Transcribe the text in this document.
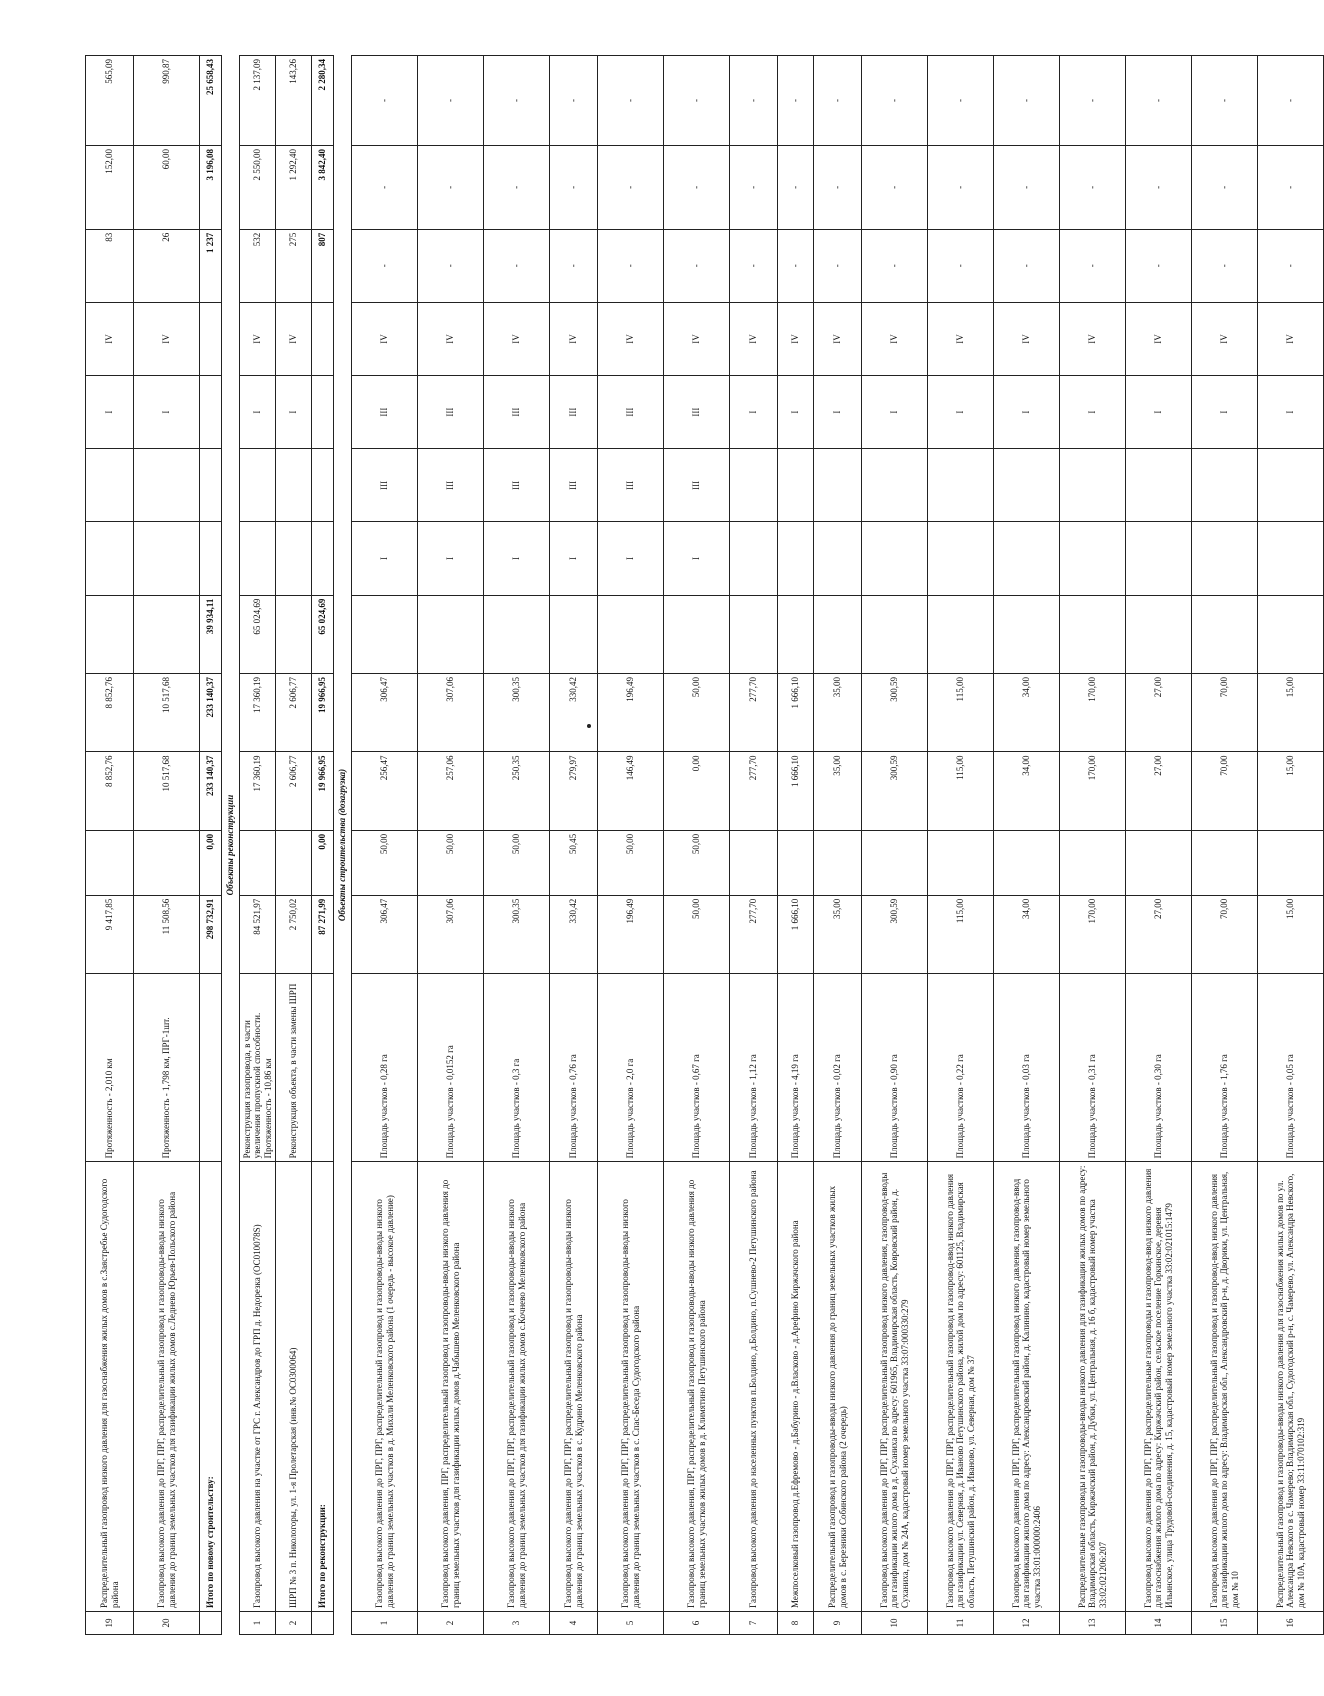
19	Распределительный газопровод низкого давления для газоснабжения жилых домов в с.Заястребье Судогодского района	Протяженность - 2,010 км	9 417,85		8 852,76	8 852,76				I	IV	83	152,00	565,09
20	Газопровод высокого давления до ПРГ, ПРГ, распределительный газопровод и газопроводы-вводы низкого давления до границ земельных участков для газификации жилых домов с.Леднево Юрьев-Польского района	Протяженность - 1,798 км, ПРГ-1шт.	11 508,56		10 517,68	10 517,68				I	IV	26	60,00	990,87
	Итого по новому строительству:		298 732,91	0,00	233 140,37	233 140,37	39 934,11					1 237	3 196,08	25 658,43
Объекты реконструкции														
1	Газопровод высокого давления на участке от ГРС г. Александров до ГРП д. Недорезка (ОС010078S)	Реконструкция газопровода, в части увеличения пропускной способности. Протяженность - 10,86 км	84 521,97		17 360,19	17 360,19	65 024,69			I	IV	532	2 550,00	2 137,09
2	ШРП № 3 п. Никологоры, ул. 1-я Пролетарская (инв.№ ОС0300064)	Реконструкция объекта, в части замены ШРП	2 750,02		2 606,77	2 606,77				I	IV	275	1 292,40	143,26
	Итого по реконструкции:		87 271,99	0,00	19 966,95	19 966,95	65 024,69					807	3 842,40	2 280,34
Объекты строительства (дозагрузка)														
1	Газопровод высокого давления до ПРГ, ПРГ, распределительный газопровод и газопроводы-вводы низкого давления до границ земельных участков в д. Михали Меленковского района (1 очередь - высокое давление)	Площадь участков - 0,28 га	306,47	50,00	256,47	306,47		I	III	III	IV	-	-	-
2	Газопровод высокого давления, ПРГ, распределительный газопровод и газопроводы-вводы низкого давления до границ земельных участков для газификации жилых домов д.Чабышево Меленковского района	Площадь участков - 0,0152 га	307,06	50,00	257,06	307,06		I	III	III	IV	-	-	-
3	Газопровод высокого давления до ПРГ, ПРГ, распределительный газопровод и газопроводы-вводы низкого давления до границ земельных участков для газификации жилых домов с.Кочнево Меленковского района	Площадь участков - 0,3 га	300,35	50,00	250,35	300,35		I	III	III	IV	-	-	-
4	Газопровод высокого давления до ПРГ, ПРГ, распределительный газопровод и газопроводы-вводы низкого давления до границ земельных участков в с. Кудрино Меленковского района	Площадь участков - 0,76 га	330,42	50,45	279,97	330,42		I	III	III	IV	-	-	-
5	Газопровод высокого давления до ПРГ, ПРГ, распределительный газопровод и газопроводы-вводы низкого давления до границ земельных участков в с. Спас-Беседа Судогодского района	Площадь участков - 2,0 га	196,49	50,00	146,49	196,49		I	III	III	IV	-	-	-
6	Газопровод высокого давления, ПРГ, распределительный газопровод и газопроводы-вводы низкого давления до границ земельных участков жилых домов в д. Климятино Петушинского района	Площадь участков - 0,67 га	50,00	50,00	0,00	50,00		I	III	III	IV	-	-	-
7	Газопровод высокого давления до населенных пунктов п.Болдино, д.Болдино, п.Сушнево-2 Петушинского района	Площадь участков - 1,12 га	277,70		277,70	277,70				I	IV	-	-	-
8	Межпоселковый газопровод д.Ефремово - д.Бабурино - д.Власково - д.Арефино Киржачского района	Площадь участков - 4,19 га	1 666,10		1 666,10	1 666,10				I	IV	-	-	-
9	Распределительный газопровод и газопроводы-вводы низкого давления до границ земельных участков жилых домов в с. Березники Собинского района (2 очередь)	Площадь участков - 0,02 га	35,00		35,00	35,00				I	IV	-	-	-
10	Газопровод высокого давления до ПРГ, ПРГ, распределительный газопровод низкого давления, газопровод-вводы для газификации жилого дома в д. Суханиха по адресу: 601965, Владимирская область, Ковровский район, д. Суханиха, дом № 24А, кадастровый номер земельного участка 33:07:000330:279	Площадь участков - 0,90 га	300,59		300,59	300,59				I	IV	-	-	-
11	Газопровод высокого давления до ПРГ, ПРГ, распределительный газопровод и газопровод-ввод низкого давления для газификации ул. Северная, д. Иваново Петушинского района, жилой дом по адресу: 601125, Владимирская область, Петушинский район, д. Иваново, ул. Северная, дом № 37	Площадь участков - 0,22 га	115,00		115,00	115,00				I	IV	-	-	-
12	Газопровод высокого давления до ПРГ, ПРГ, распределительный газопровод низкого давления, газопровод-ввод для газификации жилого дома по адресу: Александровский район, д. Калинино, кадастровый номер земельного участка 33:01:000000:2406	Площадь участков - 0,03 га	34,00		34,00	34,00				I	IV	-	-	-
13	Распределительные газопроводы и газопроводы-вводы низкого давления для газификации жилых домов по адресу: Владимирская область, Киржачский район, д. Дубки, ул. Центральная, д. 16 б, кадастровый номер участка 33:02:021206:207	Площадь участков - 0,31 га	170,00		170,00	170,00				I	IV	-	-	-
14	Газопровод высокого давления до ПРГ, ПРГ, распределительные газопроводы и газопровод-ввод низкого давления для газоснабжения жилого дома по адресу: Киржачский район, сельское поселение Горкинское, деревня Ильинское, улица Трудовой-соединения, д. 15, кадастровый номер земельного участка 33:02:021015:1479	Площадь участков - 0,30 га	27,00		27,00	27,00				I	IV	-	-	-
15	Газопровод высокого давления до ПРГ, ПРГ, распределительный газопровод и газопровод-ввод низкого давления для газификации жилого дома по адресу: Владимирская обл., Александровский р-н, д. Дворики, ул. Центральная, дом № 10	Площадь участков - 1,76 га	70,00		70,00	70,00				I	IV	-	-	-
16	Распределительный газопровод и газопроводы-вводы низкого давления для газоснабжения жилых домов по ул. Александра Невского в с. Чамерево; Владимирская обл., Судогодский р-н, с. Чамерево, ул. Александра Невского, дом № 10А, кадастровый номер 33:11:070102:319	Площадь участков - 0,05 га	15,00		15,00	15,00				I	IV	-	-	-
